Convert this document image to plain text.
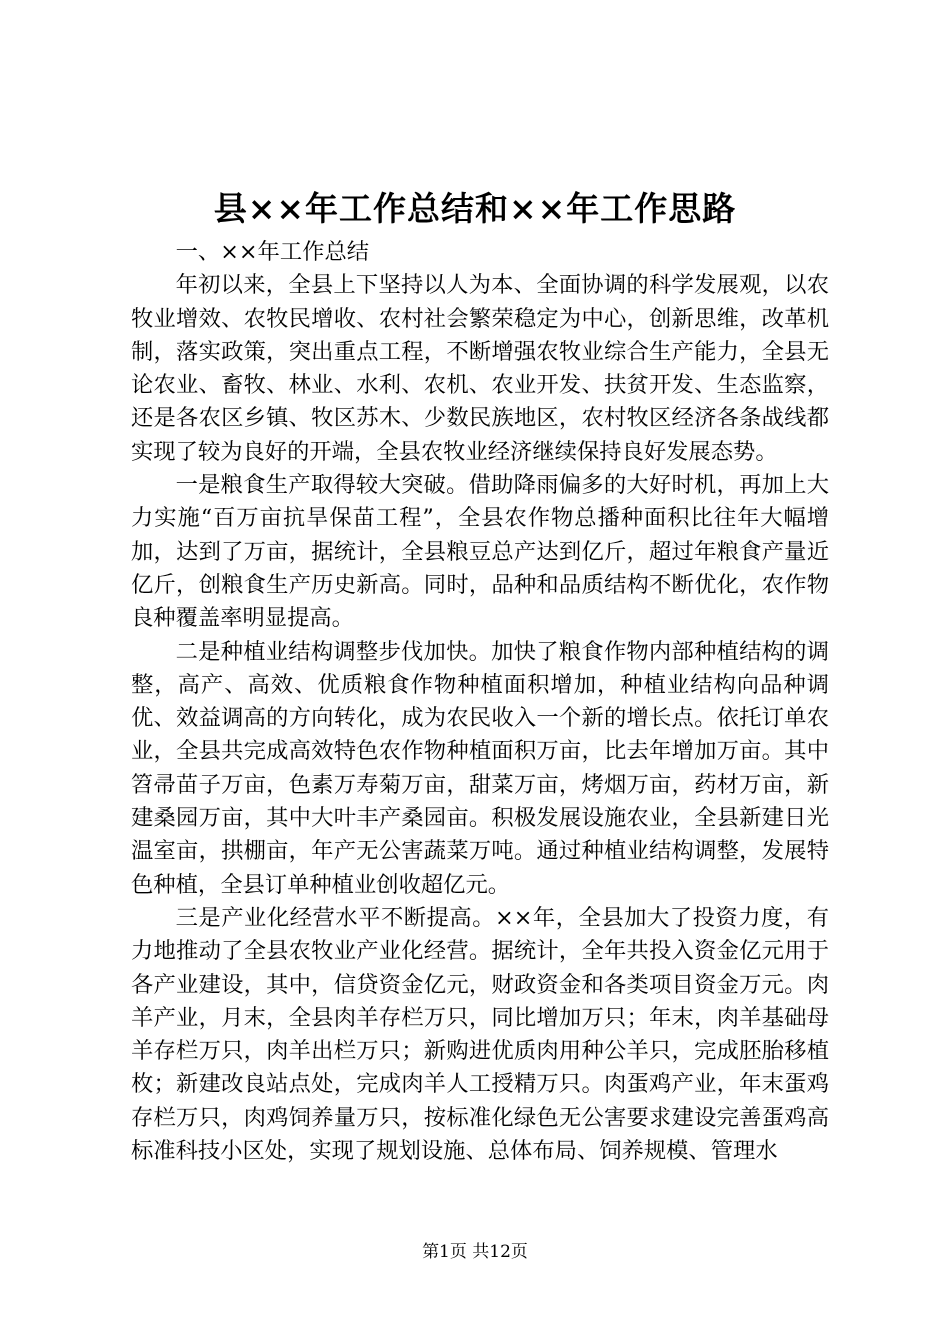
县××年工作总结和××年工作思路

一、××年工作总结

年初以来，全县上下坚持以人为本、全面协调的科学发展观，以农牧业增效、农牧民增收、农村社会繁荣稳定为中心，创新思维，改革机制，落实政策，突出重点工程，不断增强农牧业综合生产能力，全县无论农业、畜牧、林业、水利、农机、农业开发、扶贫开发、生态监察，还是各农区乡镇、牧区苏木、少数民族地区，农村牧区经济各条战线都实现了较为良好的开端，全县农牧业经济继续保持良好发展态势。

一是粮食生产取得较大突破。借助降雨偏多的大好时机，再加上大力实施“百万亩抗旱保苗工程”，全县农作物总播种面积比往年大幅增加，达到了万亩，据统计，全县粮豆总产达到亿斤，超过年粮食产量近亿斤，创粮食生产历史新高。同时，品种和品质结构不断优化，农作物良种覆盖率明显提高。

二是种植业结构调整步伐加快。加快了粮食作物内部种植结构的调整，高产、高效、优质粮食作物种植面积增加，种植业结构向品种调优、效益调高的方向转化，成为农民收入一个新的增长点。依托订单农业，全县共完成高效特色农作物种植面积万亩，比去年增加万亩。其中笤帚苗子万亩，色素万寿菊万亩，甜菜万亩，烤烟万亩，药材万亩，新建桑园万亩，其中大叶丰产桑园亩。积极发展设施农业，全县新建日光温室亩，拱棚亩，年产无公害蔬菜万吨。通过种植业结构调整，发展特色种植，全县订单种植业创收超亿元。

三是产业化经营水平不断提高。××年，全县加大了投资力度，有力地推动了全县农牧业产业化经营。据统计，全年共投入资金亿元用于各产业建设，其中，信贷资金亿元，财政资金和各类项目资金万元。肉羊产业，月末，全县肉羊存栏万只，同比增加万只；年末，肉羊基础母羊存栏万只，肉羊出栏万只；新购进优质肉用种公羊只，完成胚胎移植枚；新建改良站点处，完成肉羊人工授精万只。肉蛋鸡产业，年末蛋鸡存栏万只，肉鸡饲养量万只，按标准化绿色无公害要求建设完善蛋鸡高标准科技小区处，实现了规划设施、总体布局、饲养规模、管理水

第1页 共12页
